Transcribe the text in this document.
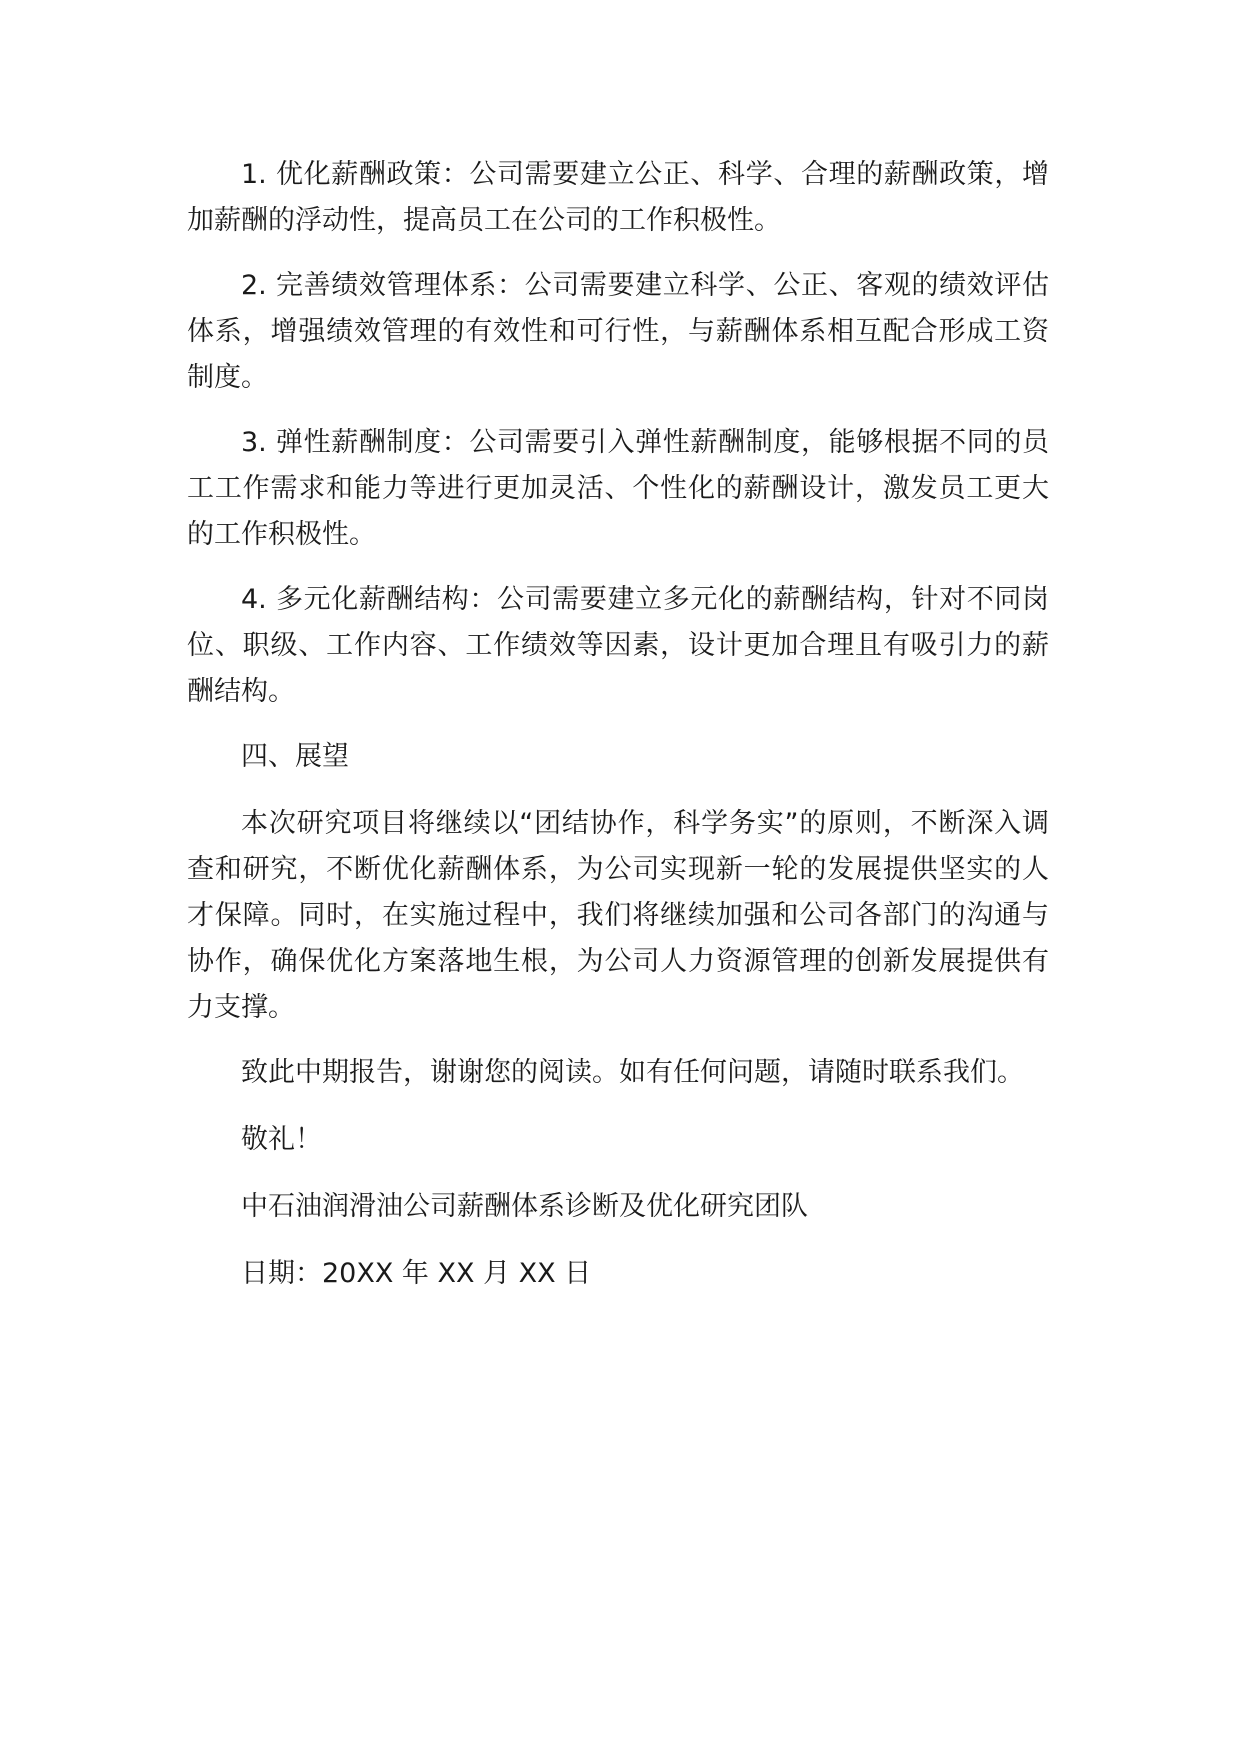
1. 优化薪酬政策：公司需要建立公正、科学、合理的薪酬政策，增加薪酬的浮动性，提高员工在公司的工作积极性。

2. 完善绩效管理体系：公司需要建立科学、公正、客观的绩效评估体系，增强绩效管理的有效性和可行性，与薪酬体系相互配合形成工资制度。

3. 弹性薪酬制度：公司需要引入弹性薪酬制度，能够根据不同的员工工作需求和能力等进行更加灵活、个性化的薪酬设计，激发员工更大的工作积极性。

4. 多元化薪酬结构：公司需要建立多元化的薪酬结构，针对不同岗位、职级、工作内容、工作绩效等因素，设计更加合理且有吸引力的薪酬结构。

四、展望

本次研究项目将继续以“团结协作，科学务实”的原则，不断深入调查和研究，不断优化薪酬体系，为公司实现新一轮的发展提供坚实的人才保障。同时，在实施过程中，我们将继续加强和公司各部门的沟通与协作，确保优化方案落地生根，为公司人力资源管理的创新发展提供有力支撑。

致此中期报告，谢谢您的阅读。如有任何问题，请随时联系我们。

敬礼！

中石油润滑油公司薪酬体系诊断及优化研究团队

日期：20XX 年 XX 月 XX 日
